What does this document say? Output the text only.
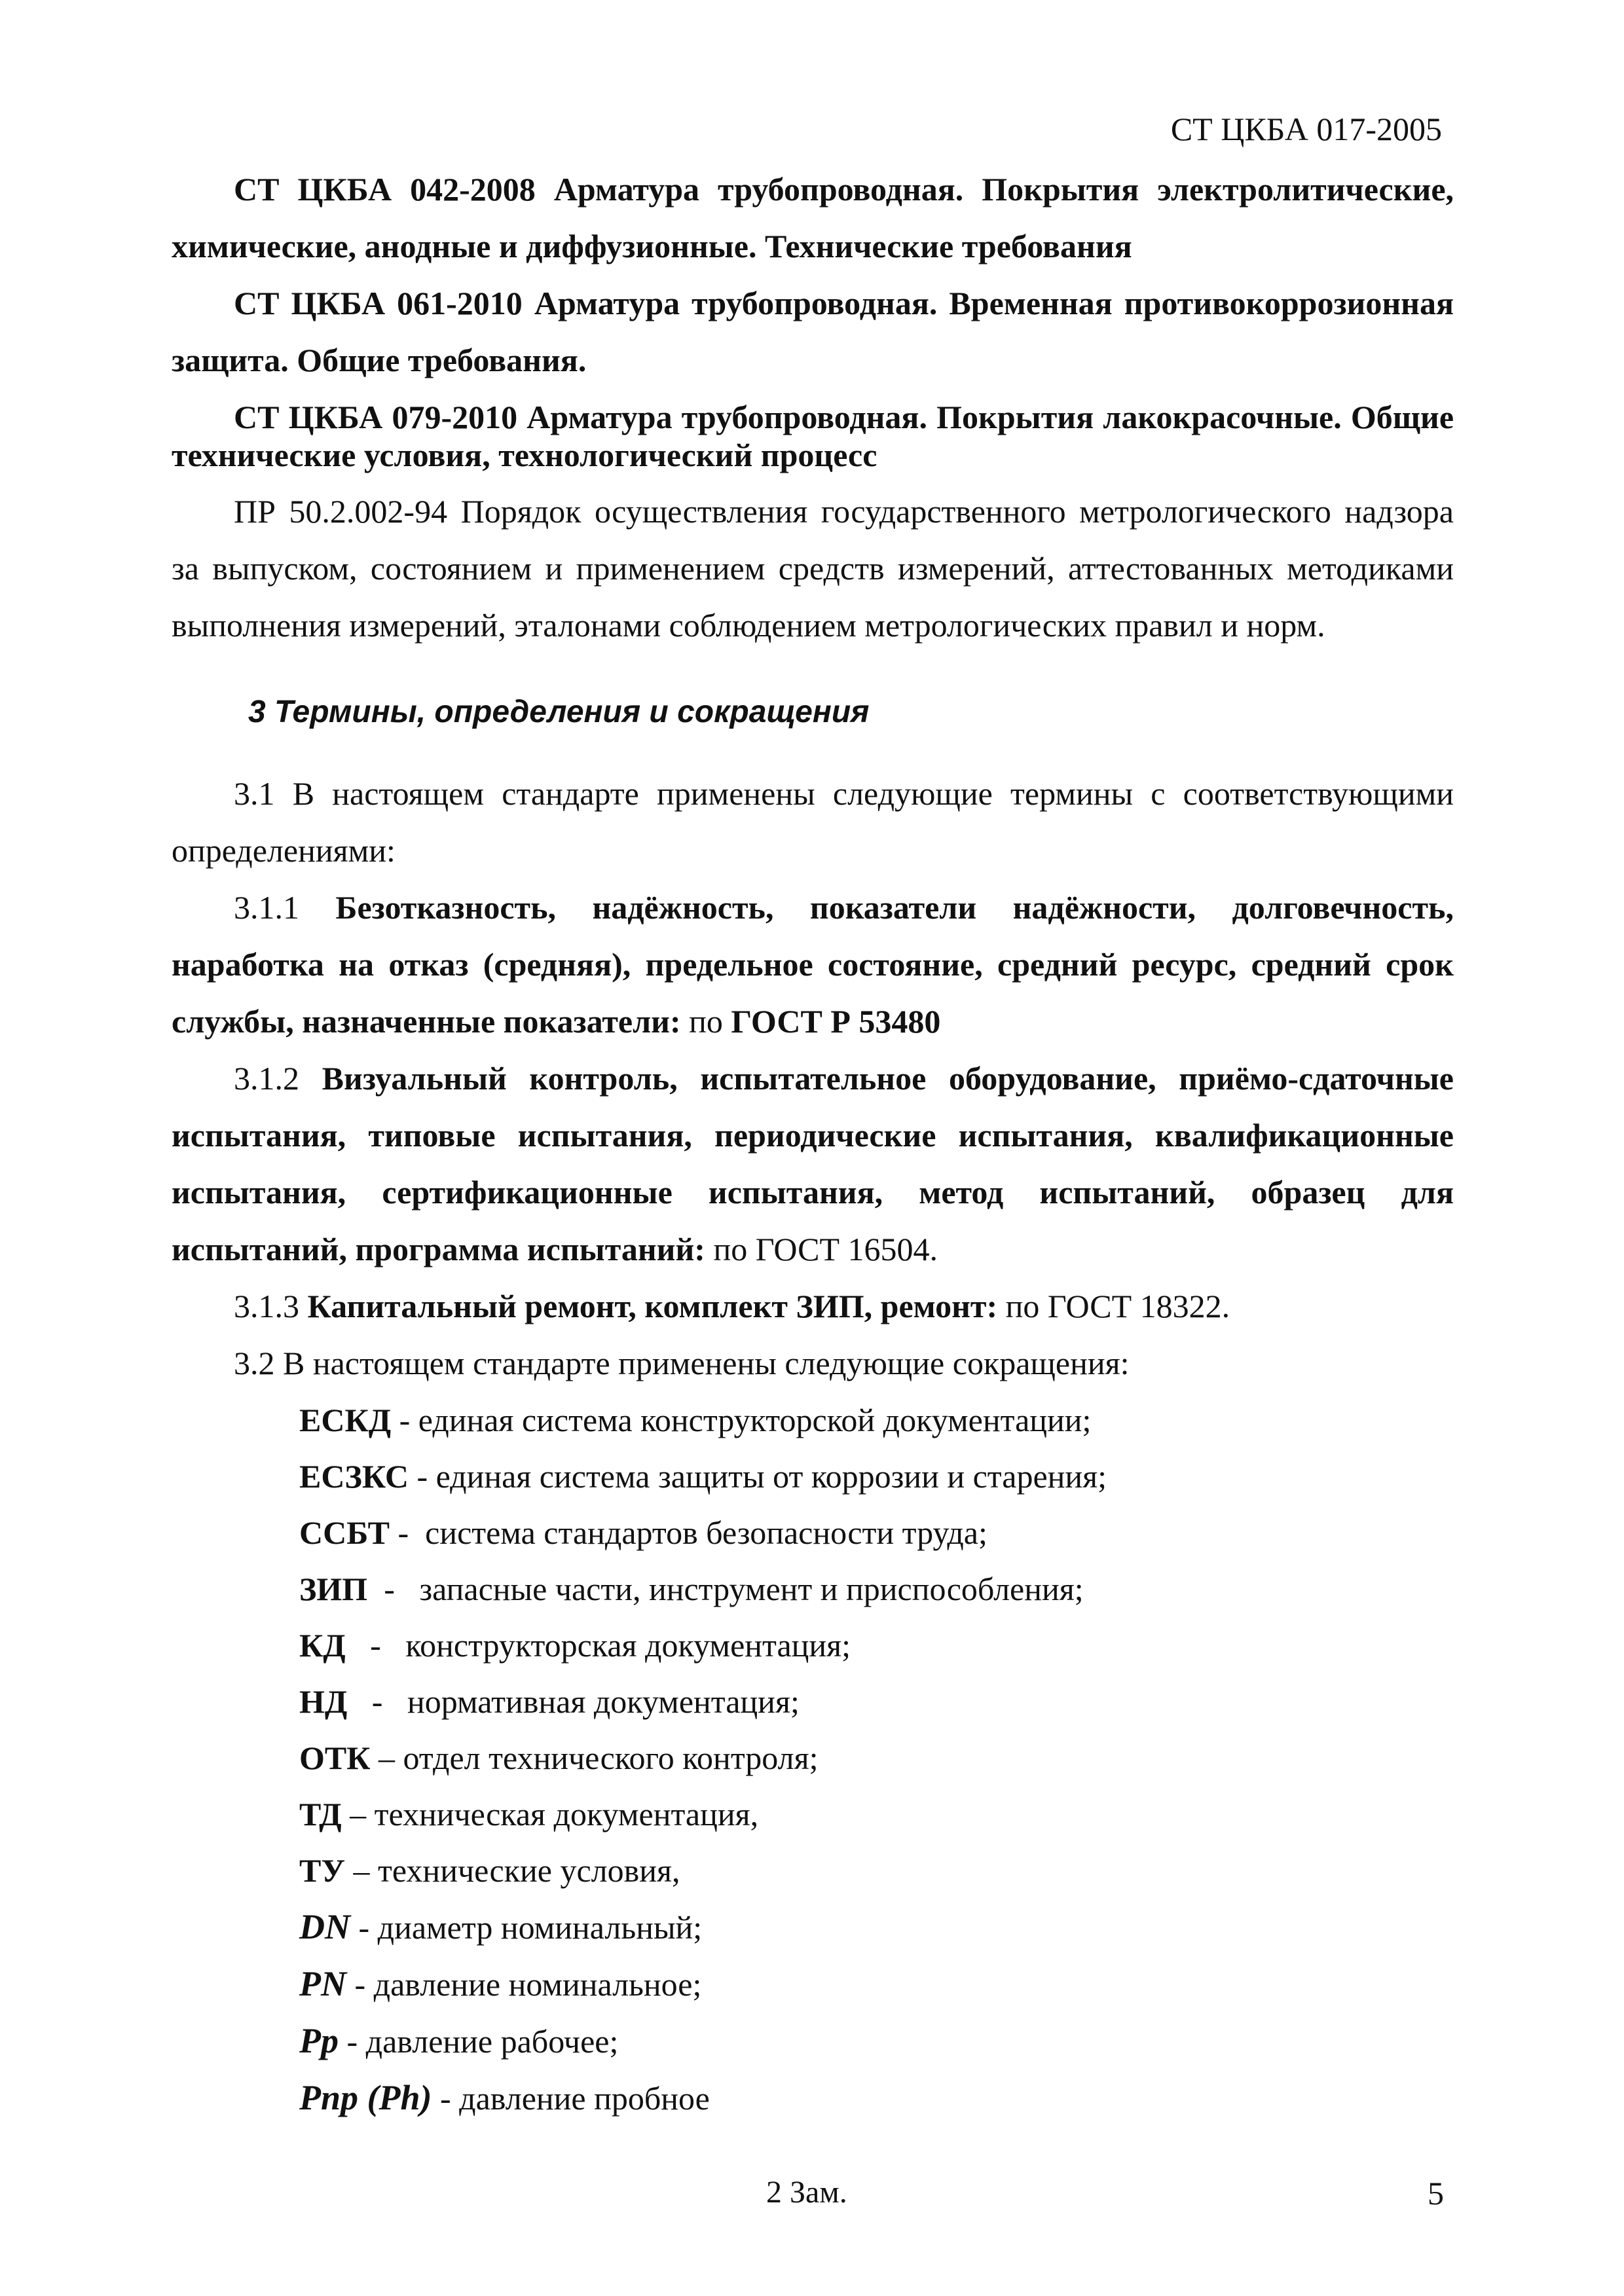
СТ ЦКБА 017-2005

СТ ЦКБА 042-2008 Арматура трубопроводная. Покрытия электролитические, химические, анодные и диффузионные. Технические требования

СТ ЦКБА 061-2010 Арматура трубопроводная. Временная противокоррозионная защита. Общие требования.

СТ ЦКБА 079-2010 Арматура трубопроводная. Покрытия лакокрасочные. Общие технические условия, технологический процесс

ПР 50.2.002-94 Порядок осуществления государственного метрологического надзора за выпуском, состоянием и применением средств измерений, аттестованных методиками выполнения измерений, эталонами соблюдением метрологических правил и норм.

3 Термины, определения и сокращения

3.1 В настоящем стандарте применены следующие термины с соответствующими определениями:

3.1.1 Безотказность, надёжность, показатели надёжности, долговечность, наработка на отказ (средняя), предельное состояние, средний ресурс, средний срок службы, назначенные показатели: по ГОСТ Р 53480

3.1.2 Визуальный контроль, испытательное оборудование, приёмо-сдаточные испытания, типовые испытания, периодические испытания, квалификационные испытания, сертификационные испытания, метод испытаний, образец для испытаний, программа испытаний: по ГОСТ 16504.

3.1.3 Капитальный ремонт, комплект ЗИП, ремонт: по ГОСТ 18322.

3.2 В настоящем стандарте применены следующие сокращения:

ЕСКД - единая система конструкторской документации;
ЕСЗКС - единая система защиты от коррозии и старения;
ССБТ -  система стандартов безопасности труда;
ЗИП  -   запасные части, инструмент и приспособления;
КД   -   конструкторская документация;
НД   -   нормативная документация;
ОТК – отдел технического контроля;
ТД – техническая документация,
ТУ – технические условия,
DN - диаметр номинальный;
PN - давление номинальное;
Pp - давление рабочее;
Pnp (Ph) - давление пробное
2 Зам.	5
